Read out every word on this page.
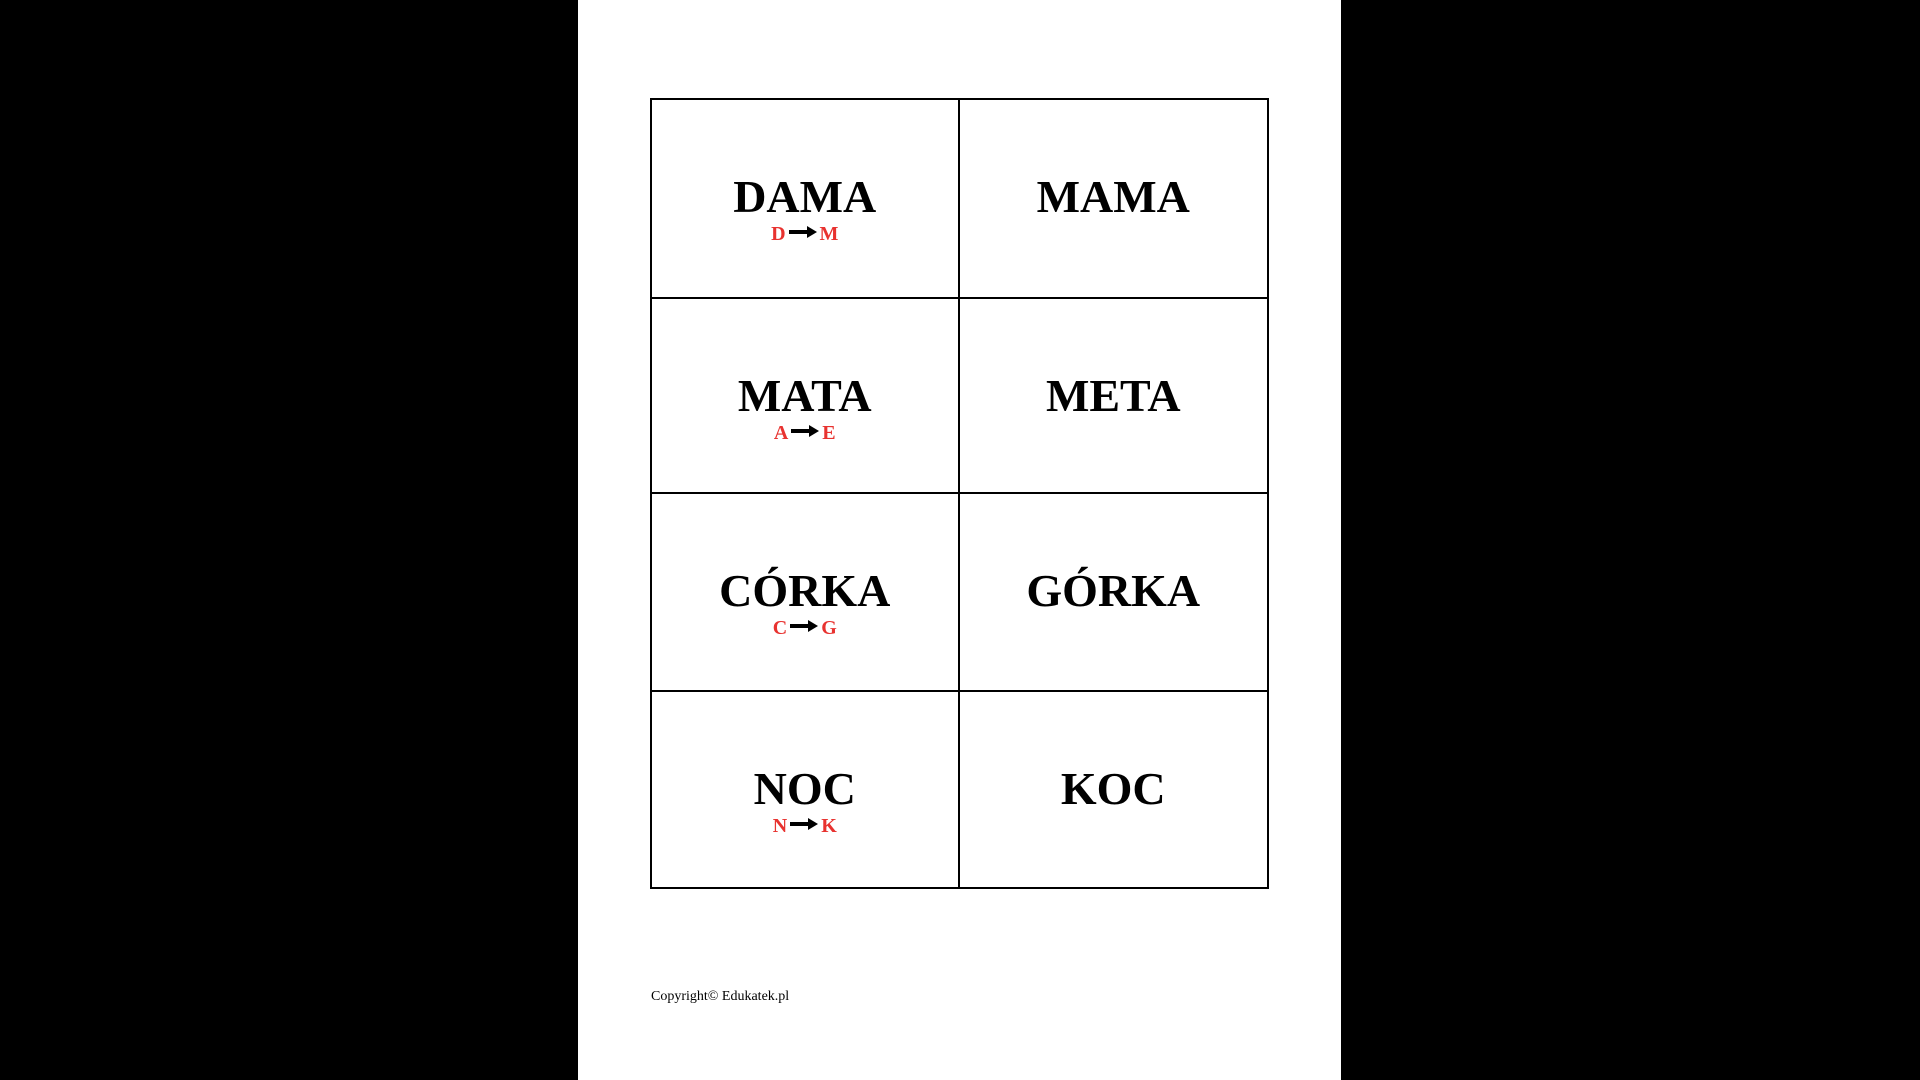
DAMA
D M
MAMA
MATA
A E
META
CÓRKA
C G
GÓRKA
NOC
N K
KOC
Copyright© Edukatek.pl
